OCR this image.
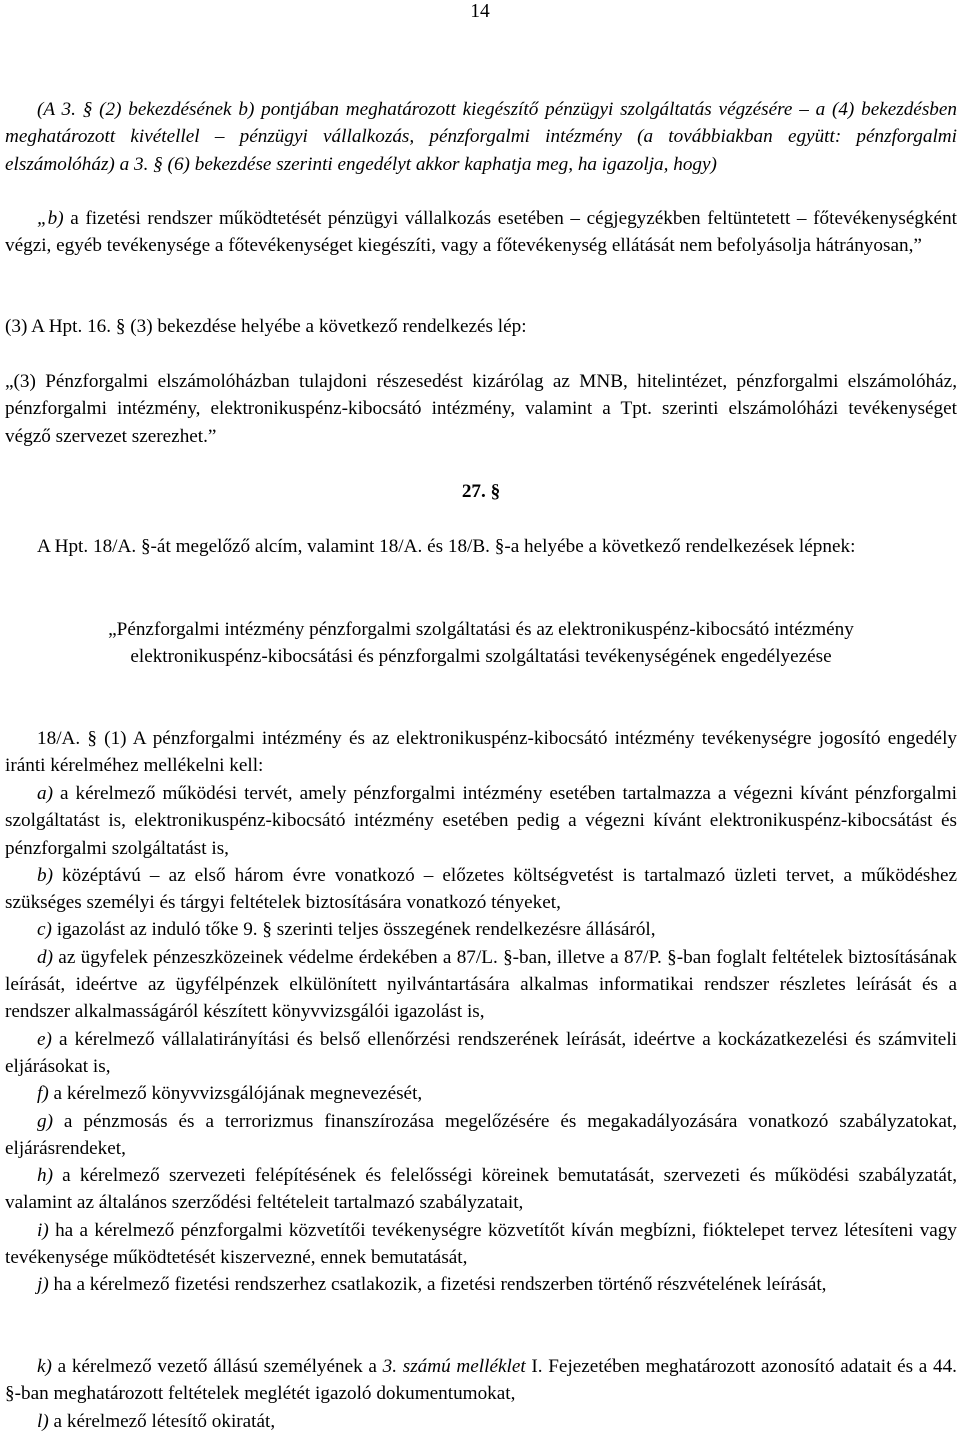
14

(A 3. § (2) bekezdésének b) pontjában meghatározott kiegészítő pénzügyi szolgáltatás végzésére – a (4) bekezdésben meghatározott kivétellel – pénzügyi vállalkozás, pénzforgalmi intézmény (a továbbiakban együtt: pénzforgalmi elszámolóház) a 3. § (6) bekezdése szerinti engedélyt akkor kaphatja meg, ha igazolja, hogy)

„b) a fizetési rendszer működtetését pénzügyi vállalkozás esetében – cégjegyzékben feltüntetett – főtevékenységként végzi, egyéb tevékenysége a főtevékenységet kiegészíti, vagy a főtevékenység ellátását nem befolyásolja hátrányosan,”

(3) A Hpt. 16. § (3) bekezdése helyébe a következő rendelkezés lép:

„(3) Pénzforgalmi elszámolóházban tulajdoni részesedést kizárólag az MNB, hitelintézet, pénzforgalmi elszámolóház, pénzforgalmi intézmény, elektronikuspénz-kibocsátó intézmény, valamint a Tpt. szerinti elszámolóházi tevékenységet végző szervezet szerezhet.”

27. §

A Hpt. 18/A. §-át megelőző alcím, valamint 18/A. és 18/B. §-a helyébe a következő rendelkezések lépnek:

„Pénzforgalmi intézmény pénzforgalmi szolgáltatási és az elektronikuspénz-kibocsátó intézmény elektronikuspénz-kibocsátási és pénzforgalmi szolgáltatási tevékenységének engedélyezése

18/A. § (1) A pénzforgalmi intézmény és az elektronikuspénz-kibocsátó intézmény tevékenységre jogosító engedély iránti kérelméhez mellékelni kell:

a) a kérelmező működési tervét, amely pénzforgalmi intézmény esetében tartalmazza a végezni kívánt pénzforgalmi szolgáltatást is, elektronikuspénz-kibocsátó intézmény esetében pedig a végezni kívánt elektronikuspénz-kibocsátást és pénzforgalmi szolgáltatást is,

b) középtávú – az első három évre vonatkozó – előzetes költségvetést is tartalmazó üzleti tervet, a működéshez szükséges személyi és tárgyi feltételek biztosítására vonatkozó tényeket,

c) igazolást az induló tőke 9. § szerinti teljes összegének rendelkezésre állásáról,

d) az ügyfelek pénzeszközeinek védelme érdekében a 87/L. §-ban, illetve a 87/P. §-ban foglalt feltételek biztosításának leírását, ideértve az ügyfélpénzek elkülönített nyilvántartására alkalmas informatikai rendszer részletes leírását és a rendszer alkalmasságáról készített könyvvizsgálói igazolást is,

e) a kérelmező vállalatirányítási és belső ellenőrzési rendszerének leírását, ideértve a kockázatkezelési és számviteli eljárásokat is,

f) a kérelmező könyvvizsgálójának megnevezését,

g) a pénzmosás és a terrorizmus finanszírozása megelőzésére és megakadályozására vonatkozó szabályzatokat, eljárásrendeket,

h) a kérelmező szervezeti felépítésének és felelősségi köreinek bemutatását, szervezeti és működési szabályzatát, valamint az általános szerződési feltételeit tartalmazó szabályzatait,

i) ha a kérelmező pénzforgalmi közvetítői tevékenységre közvetítőt kíván megbízni, fióktelepet tervez létesíteni vagy tevékenysége működtetését kiszervezné, ennek bemutatását,

j) ha a kérelmező fizetési rendszerhez csatlakozik, a fizetési rendszerben történő részvételének leírását,

k) a kérelmező vezető állású személyének a 3. számú melléklet I. Fejezetében meghatározott azonosító adatait és a 44. §-ban meghatározott feltételek meglétét igazoló dokumentumokat,

l) a kérelmező létesítő okiratát,
